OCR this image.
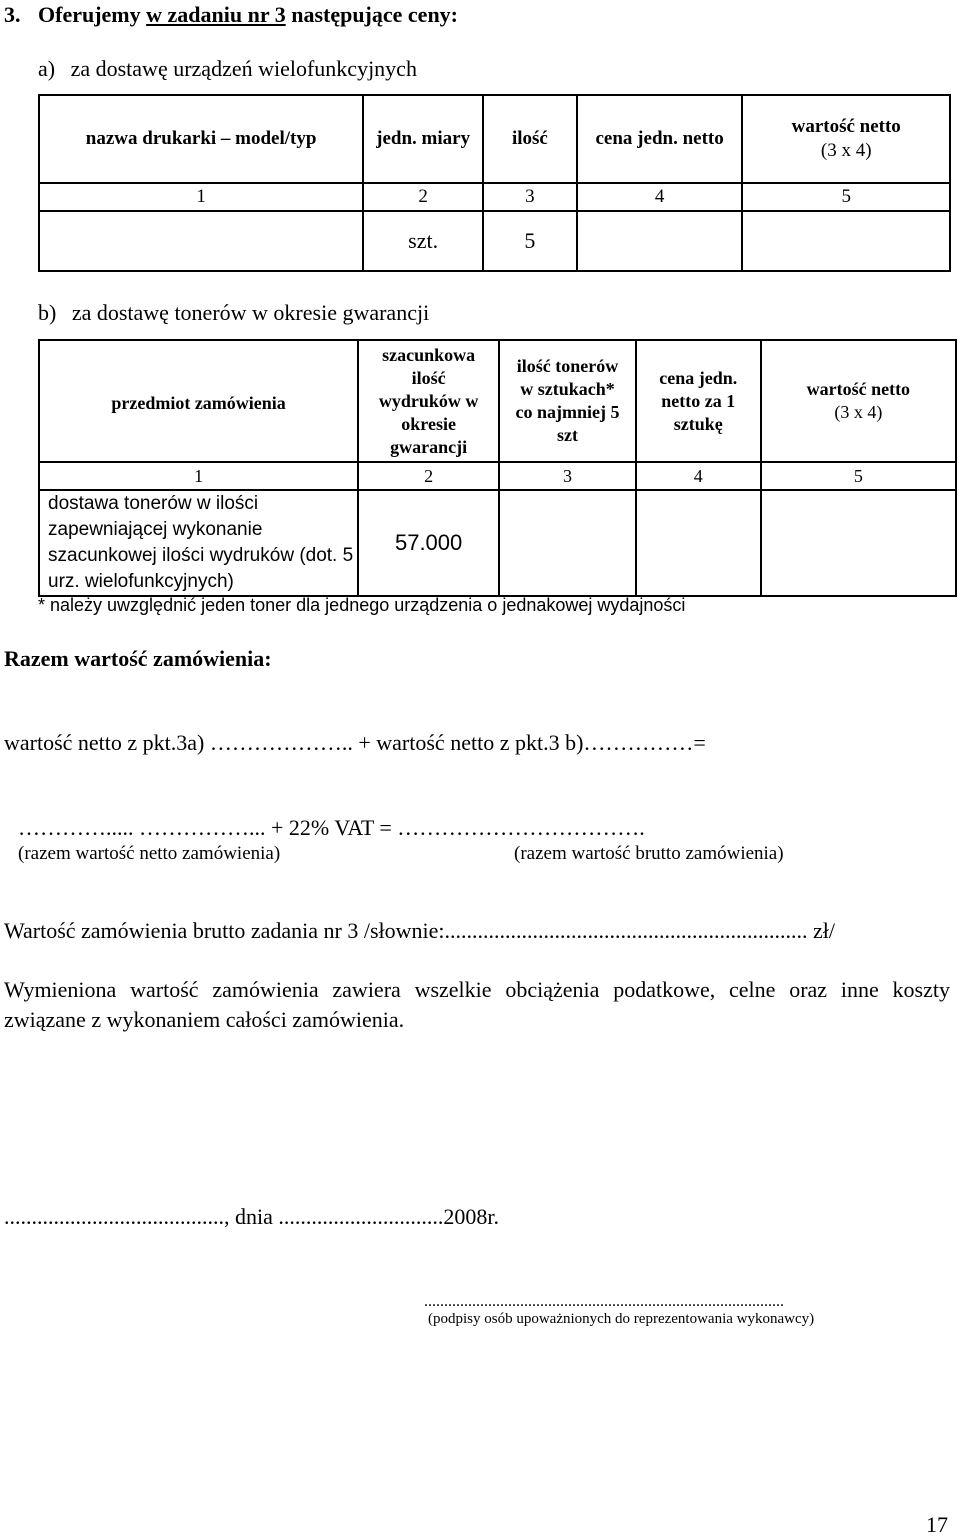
3. Oferujemy w zadaniu nr 3 następujące ceny:
a) za dostawę urządzeń wielofunkcyjnych
nazwa drukarki – model/typ	jedn. miary	ilość	cena jedn. netto	wartość netto
(3 x 4)
1	2	3	4	5
	szt.	5		
b) za dostawę tonerów w okresie gwarancji
przedmiot zamówienia	szacunkowa ilość wydruków w okresie gwarancji	ilość tonerów w sztukach* co najmniej 5 szt	cena jedn. netto za 1 sztukę	wartość netto
(3 x 4)
1	2	3	4	5
dostawa tonerów w ilości zapewniającej wykonanie szacunkowej ilości wydruków (dot. 5 urz. wielofunkcyjnych)	57.000			
* należy uwzględnić jeden toner dla jednego urządzenia o jednakowej wydajności
Razem wartość zamówienia:
wartość netto z pkt.3a) ……………….. + wartość netto z pkt.3 b)……………=
…………..... ……………... + 22% VAT = …………………………….
(razem wartość netto zamówienia)	(razem wartość brutto zamówienia)
Wartość zamówienia brutto zadania nr 3 /słownie:.................................................................. zł/
Wymieniona wartość zamówienia zawiera wszelkie obciążenia podatkowe, celne oraz inne koszty związane z wykonaniem całości zamówienia.
........................................, dnia ..............................2008r.
..........................................................................................
(podpisy osób upoważnionych do reprezentowania wykonawcy)
17
